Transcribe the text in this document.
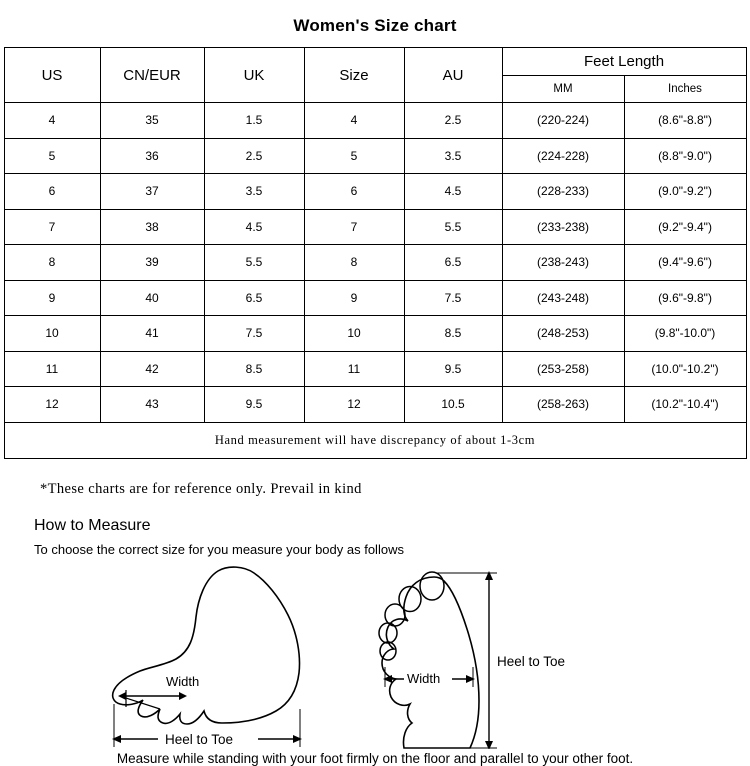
Women's Size chart
US	CN/EUR	UK	Size	AU	Feet Length	
					MM	Inches
4	35	1.5	4	2.5	(220-224)	(8.6"-8.8")
5	36	2.5	5	3.5	(224-228)	(8.8"-9.0")
6	37	3.5	6	4.5	(228-233)	(9.0"-9.2")
7	38	4.5	7	5.5	(233-238)	(9.2"-9.4")
8	39	5.5	8	6.5	(238-243)	(9.4"-9.6")
9	40	6.5	9	7.5	(243-248)	(9.6"-9.8")
10	41	7.5	10	8.5	(248-253)	(9.8"-10.0")
11	42	8.5	11	9.5	(253-258)	(10.0"-10.2")
12	43	9.5	12	10.5	(258-263)	(10.2"-10.4")
Hand measurement will have discrepancy of about 1-3cm						
*These charts are for reference only. Prevail in kind
How to Measure
To choose the correct size for you measure your body as follows
Width
Heel to Toe
Width
Heel to Toe
Measure while standing with your foot firmly on the floor and parallel to your other foot.
